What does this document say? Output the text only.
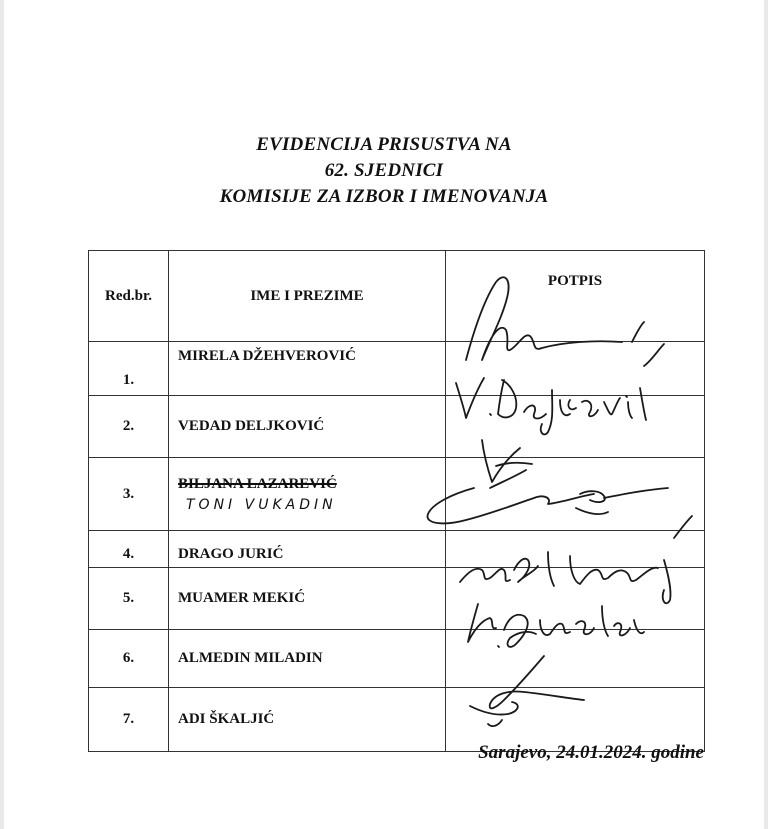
EVIDENCIJA PRISUSTVA NA
62. SJEDNICI
KOMISIJE ZA IZBOR I IMENOVANJA
Red.br.	IME I PREZIME	POTPIS
1.	MIRELA DŽEHVEROVIĆ	
2.	VEDAD DELJKOVIĆ	
3.	BILJANA LAZAREVIĆ
TONI VUKADIN	

4.	DRAGO JURIĆ	
5.	MUAMER MEKIĆ	
6.	ALMEDIN MILADIN	
7.	ADI ŠKALJIĆ	
Sarajevo, 24.01.2024. godine
